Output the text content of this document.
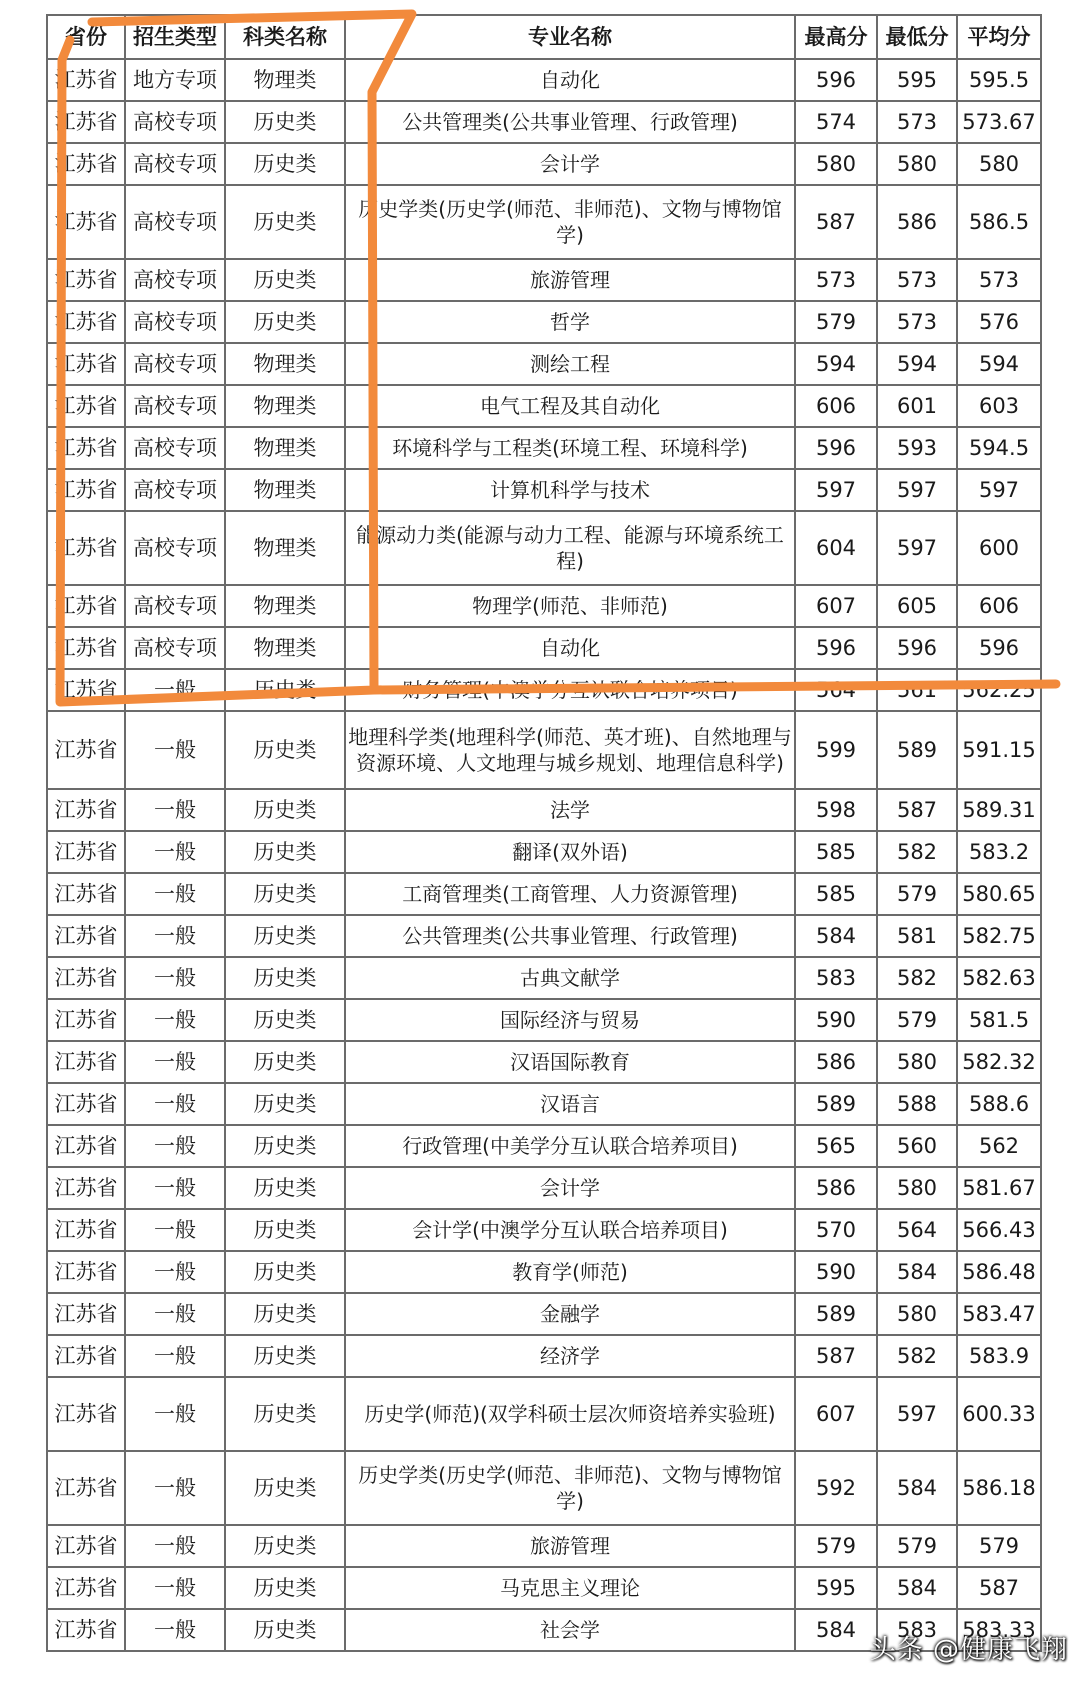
省份	招生类型	科类名称	专业名称	最高分	最低分	平均分
江苏省	地方专项	物理类	自动化	596	595	595.5
江苏省	高校专项	历史类	公共管理类(公共事业管理、行政管理)	574	573	573.67
江苏省	高校专项	历史类	会计学	580	580	580
江苏省	高校专项	历史类	历史学类(历史学(师范、非师范)、文物与博物馆学)	587	586	586.5
江苏省	高校专项	历史类	旅游管理	573	573	573
江苏省	高校专项	历史类	哲学	579	573	576
江苏省	高校专项	物理类	测绘工程	594	594	594
江苏省	高校专项	物理类	电气工程及其自动化	606	601	603
江苏省	高校专项	物理类	环境科学与工程类(环境工程、环境科学)	596	593	594.5
江苏省	高校专项	物理类	计算机科学与技术	597	597	597
江苏省	高校专项	物理类	能源动力类(能源与动力工程、能源与环境系统工程)	604	597	600
江苏省	高校专项	物理类	物理学(师范、非师范)	607	605	606
江苏省	高校专项	物理类	自动化	596	596	596
江苏省	一般	历史类	财务管理(中澳学分互认联合培养项目)	564	561	562.25
江苏省	一般	历史类	地理科学类(地理科学(师范、英才班)、自然地理与资源环境、人文地理与城乡规划、地理信息科学)	599	589	591.15
江苏省	一般	历史类	法学	598	587	589.31
江苏省	一般	历史类	翻译(双外语)	585	582	583.2
江苏省	一般	历史类	工商管理类(工商管理、人力资源管理)	585	579	580.65
江苏省	一般	历史类	公共管理类(公共事业管理、行政管理)	584	581	582.75
江苏省	一般	历史类	古典文献学	583	582	582.63
江苏省	一般	历史类	国际经济与贸易	590	579	581.5
江苏省	一般	历史类	汉语国际教育	586	580	582.32
江苏省	一般	历史类	汉语言	589	588	588.6
江苏省	一般	历史类	行政管理(中美学分互认联合培养项目)	565	560	562
江苏省	一般	历史类	会计学	586	580	581.67
江苏省	一般	历史类	会计学(中澳学分互认联合培养项目)	570	564	566.43
江苏省	一般	历史类	教育学(师范)	590	584	586.48
江苏省	一般	历史类	金融学	589	580	583.47
江苏省	一般	历史类	经济学	587	582	583.9
江苏省	一般	历史类	历史学(师范)(双学科硕士层次师资培养实验班)	607	597	600.33
江苏省	一般	历史类	历史学类(历史学(师范、非师范)、文物与博物馆学)	592	584	586.18
江苏省	一般	历史类	旅游管理	579	579	579
江苏省	一般	历史类	马克思主义理论	595	584	587
江苏省	一般	历史类	社会学	584	583	583.33
头条 @健康飞翔
